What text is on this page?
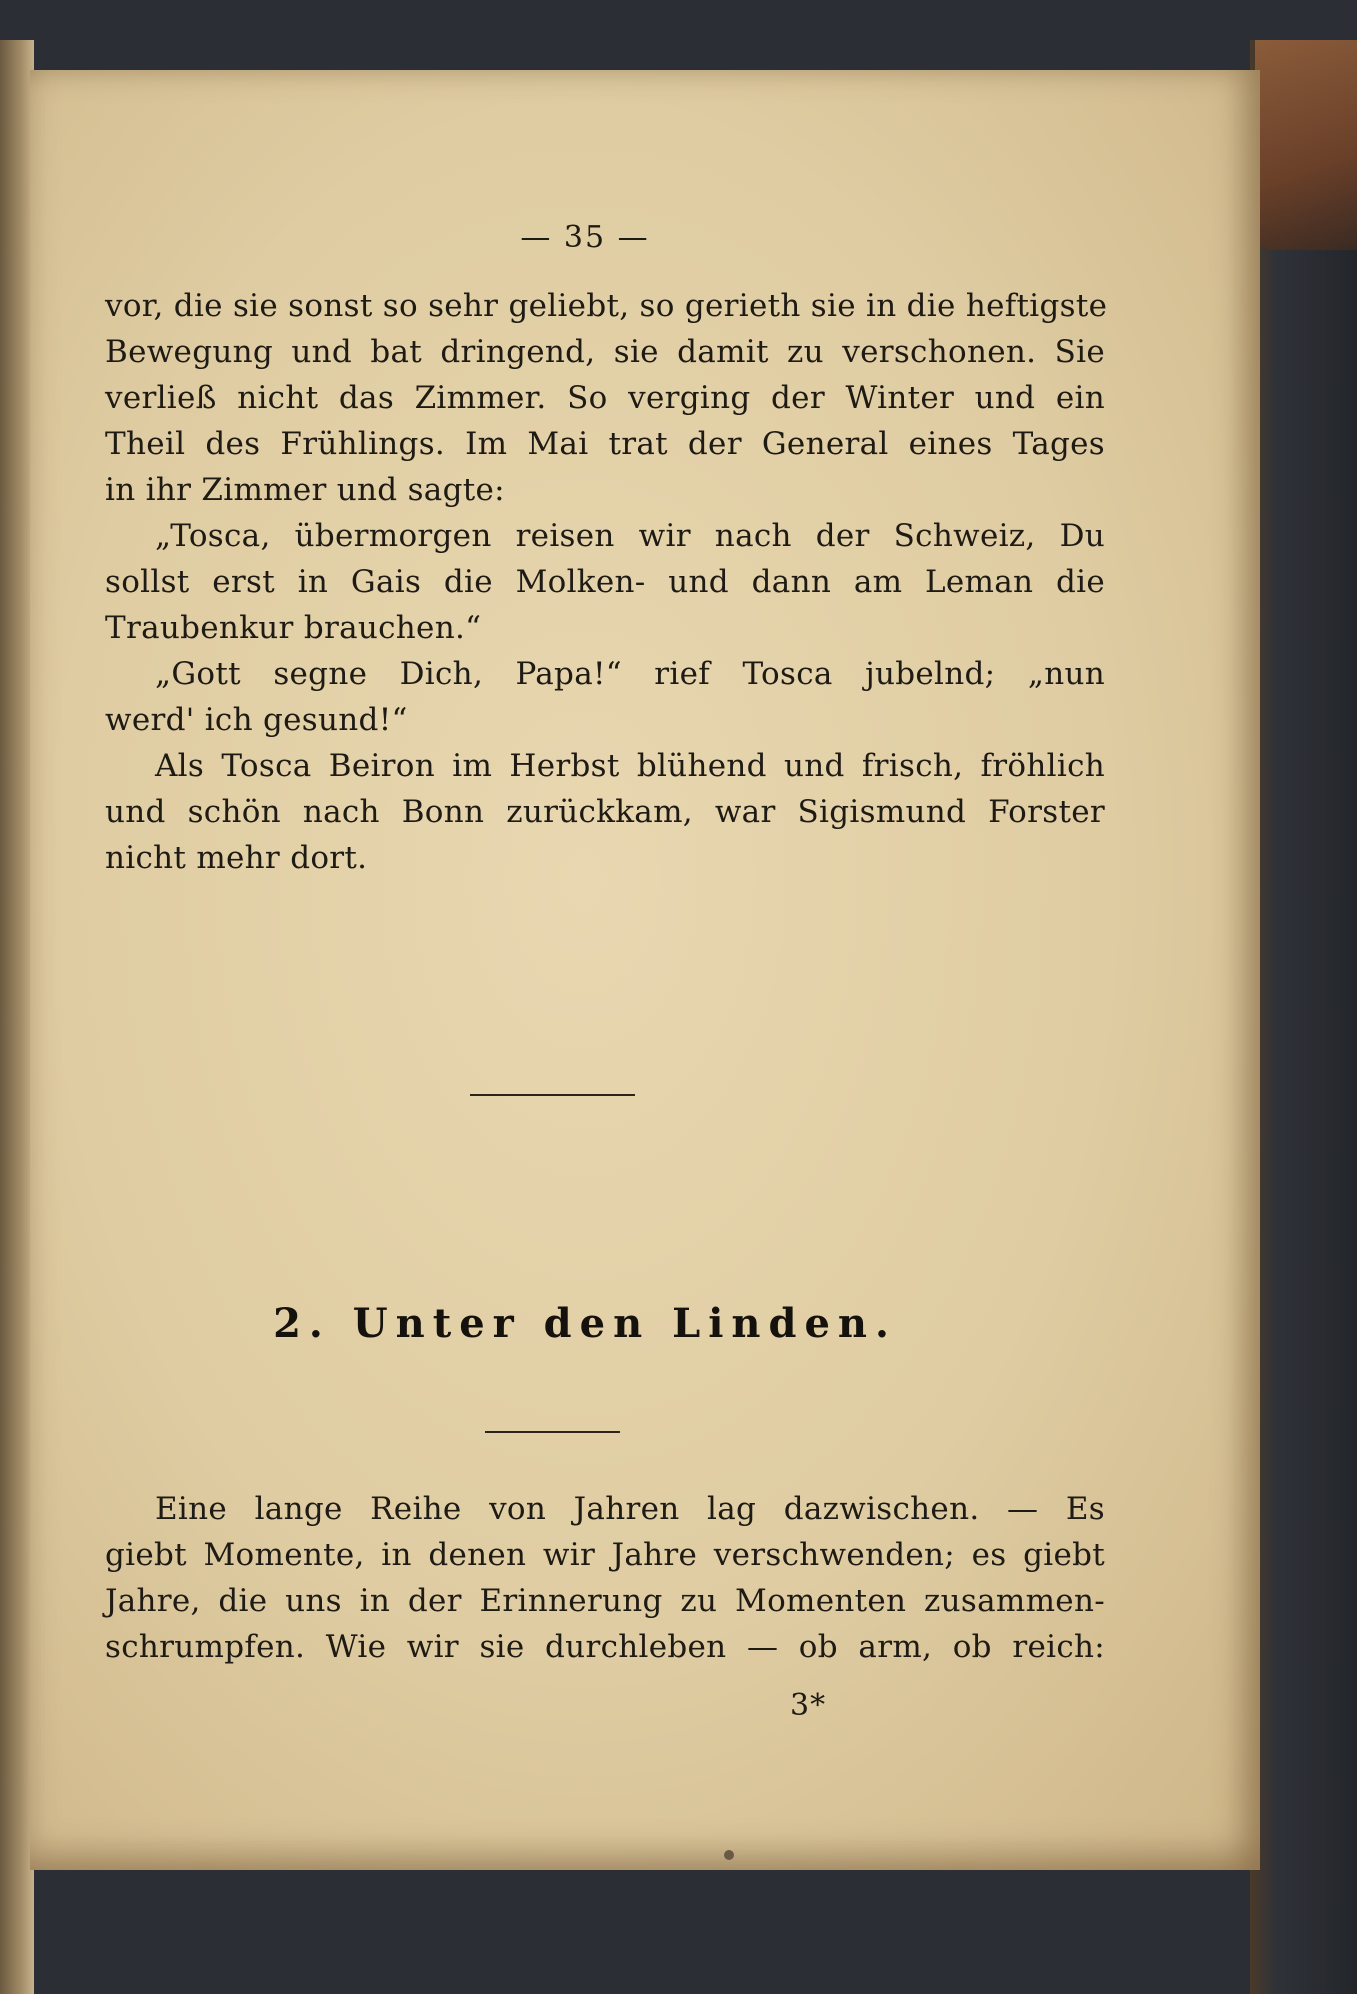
— 35 —
vor, die sie sonst so sehr geliebt, so gerieth sie in die heftigste
Bewegung und bat dringend, sie damit zu verschonen. Sie
verließ nicht das Zimmer. So verging der Winter und ein
Theil des Frühlings. Im Mai trat der General eines Tages
in ihr Zimmer und sagte:
„Tosca, übermorgen reisen wir nach der Schweiz, Du
sollst erst in Gais die Molken- und dann am Leman die
Traubenkur brauchen.“
„Gott segne Dich, Papa!“ rief Tosca jubelnd; „nun
werd' ich gesund!“
Als Tosca Beiron im Herbst blühend und frisch, fröhlich
und schön nach Bonn zurückkam, war Sigismund Forster
nicht mehr dort.
2. Unter den Linden.
Eine lange Reihe von Jahren lag dazwischen. — Es
giebt Momente, in denen wir Jahre verschwenden; es giebt
Jahre, die uns in der Erinnerung zu Momenten zusammen-
schrumpfen. Wie wir sie durchleben — ob arm, ob reich:
3*
